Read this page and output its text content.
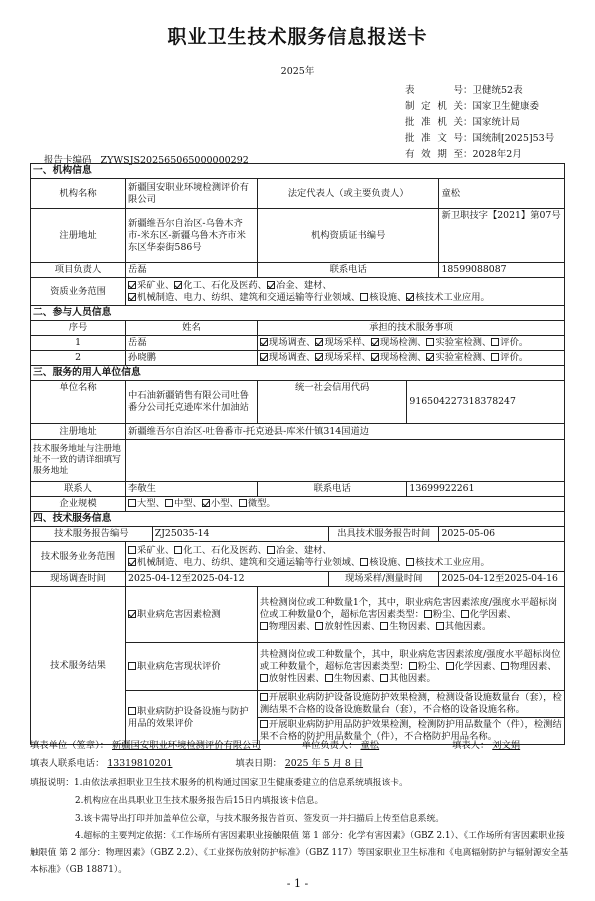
职业卫生技术服务信息报送卡
2025年
表号：卫健统52表
制定机关：国家卫生健康委
批准机关：国家统计局
批准文号：国统制[2025]53号
有效期至：2028年2月
报告卡编码 ZYWSJS202565065000000292
一、机构信息						
机构名称	新疆国安职业环境检测评价有限公司		法定代表人（或主要负责人）			童松
注册地址	新疆维吾尔自治区-乌鲁木齐市-米东区-新疆乌鲁木齐市米东区华泰街586号		机构资质证书编号			新卫职技字【2021】第07号
项目负责人	岳磊		联系电话			18599088087
资质业务范围	采矿业、 化工、石化及医药、 冶金、建材、机械制造、电力、纺织、建筑和交通运输等行业领域、 核设施、 核技术工业应用。					
二、参与人员信息						
序号	姓名		承担的技术服务事项			
1	岳磊		现场调查、 现场采样、 现场检测、 实验室检测、 评价。			
2	孙晓鹏		现场调查、 现场采样、 现场检测、 实验室检测、 评价。			
三、服务的用人单位信息						
单位名称	中石油新疆销售有限公司吐鲁番分公司托克逊库米什加油站		统一社会信用代码		916504227318378247	
注册地址	新疆维吾尔自治区-吐鲁番市-托克逊县-库米什镇314国道边					
技术服务地址与注册地址不一致的请详细填写服务地址						
联系人	李敬生		联系电话		13699922261	
企业规模	大型、 中型、 小型、 微型。					
四、技术服务信息						
技术服务报告编号		ZJ25035-14		出具技术服务报告时间		2025-05-06
技术服务业务范围	采矿业、 化工、石化及医药、 冶金、建材、机械制造、电力、纺织、建筑和交通运输等行业领域、 核设施、 核技术工业应用。					
现场调查时间	2025-04-12至2025-04-12			现场采样/测量时间		2025-04-12至2025-04-16
技术服务结果	职业病危害因素检测		共检测岗位或工种数量1个，其中，职业病危害因素浓度/强度水平超标岗位或工种数量0个，超标危害因素类型： 粉尘、 化学因素、物理因素、 放射性因素、 生物因素、 其他因素。			
	职业病危害现状评价		共检测岗位或工种数量个，其中，职业病危害因素浓度/强度水平超标岗位或工种数量个，超标危害因素类型： 粉尘、 化学因素、 物理因素、放射性因素、 生物因素、 其他因素。			
	职业病防护设备设施与防护用品的效果评价		开展职业病防护设备设施防护效果检测，检测设备设施数量台（套），检测结果不合格的设备设施数量台（套），不合格的设备设施名称。			
			开展职业病防护用品防护效果检测，检测防护用品数量个（件），检测结果不合格的防护用品数量个（件），不合格防护用品名称。			
填表单位（签章）： 新疆国安职业环境检测评价有限公司	单位负责人： 童松	填表人： 刘文娟
填表人联系电话： 13319810201	填表日期： 2025 年 5 月 8 日

填报说明：1.由依法承担职业卫生技术服务的机构通过国家卫生健康委建立的信息系统填报该卡。

2.机构应在出具职业卫生技术服务报告后15日内填报该卡信息。

3.该卡需导出打印并加盖单位公章，与技术服务报告首页、签发页一并扫描后上传至信息系统。

4.超标的主要判定依据：《工作场所有害因素职业接触限值 第 1 部分：化学有害因素》（GBZ 2.1）、《工作场所有害因素职业接触限值 第 2 部分：物理因素》（GBZ 2.2）、《工业探伤放射防护标准》（GBZ 117）等国家职业卫生标准和《电离辐射防护与辐射源安全基本标准》（GB 18871）。

- 1 -
